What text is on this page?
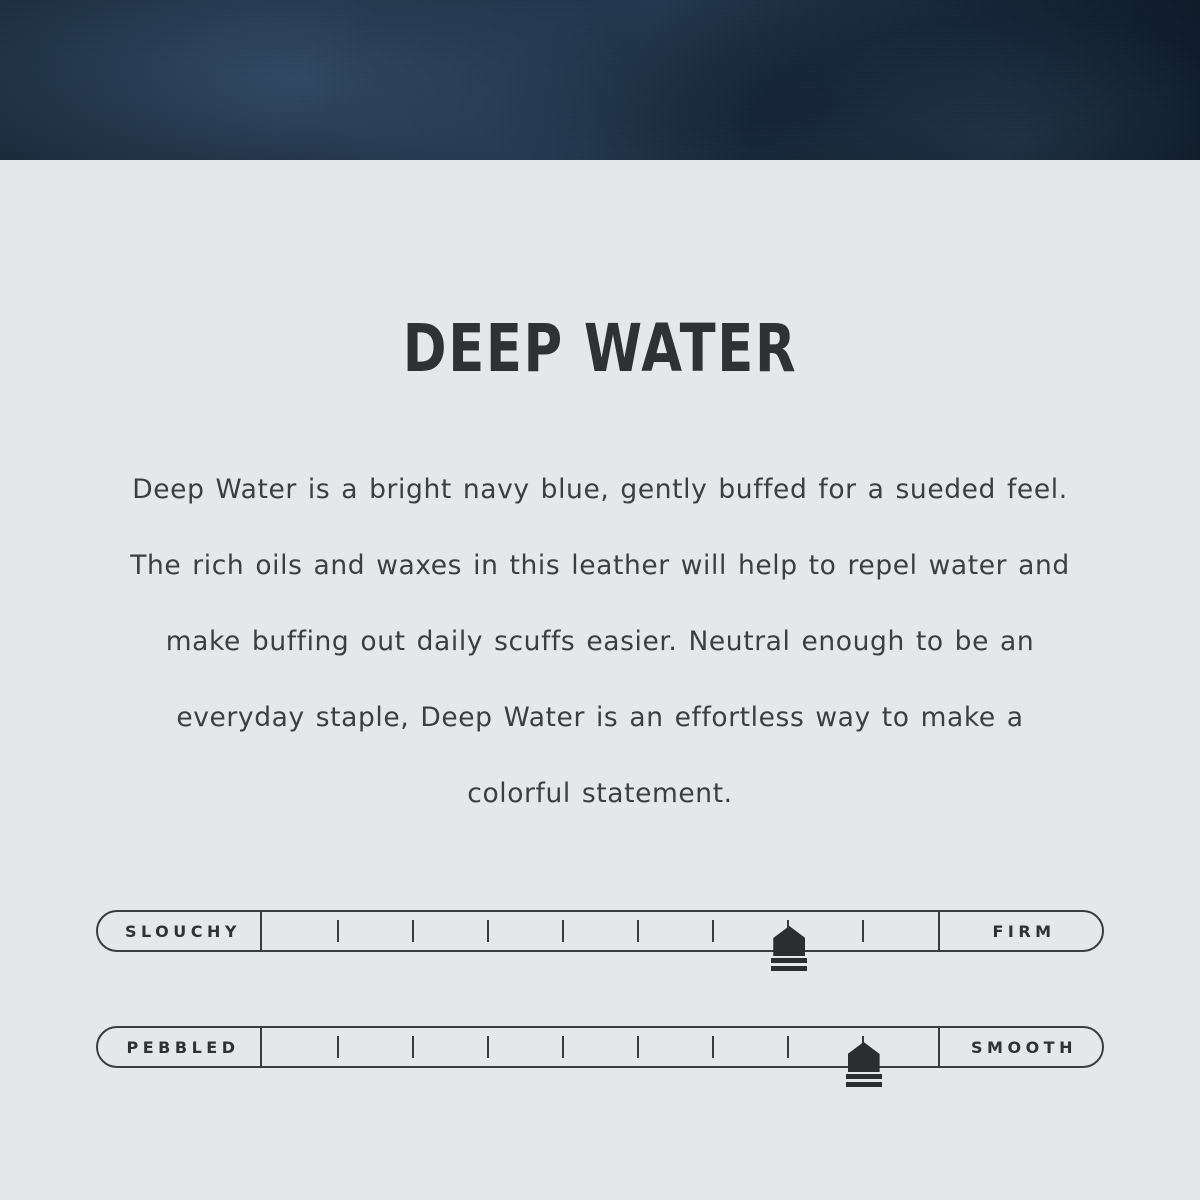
DEEP WATER

Deep Water is a bright navy blue, gently buffed for a sueded feel. The rich oils and waxes in this leather will help to repel water and make buffing out daily scuffs easier. Neutral enough to be an everyday staple, Deep Water is an effortless way to make a colorful statement.

SLOUCHY	FIRM
PEBBLED	SMOOTH
